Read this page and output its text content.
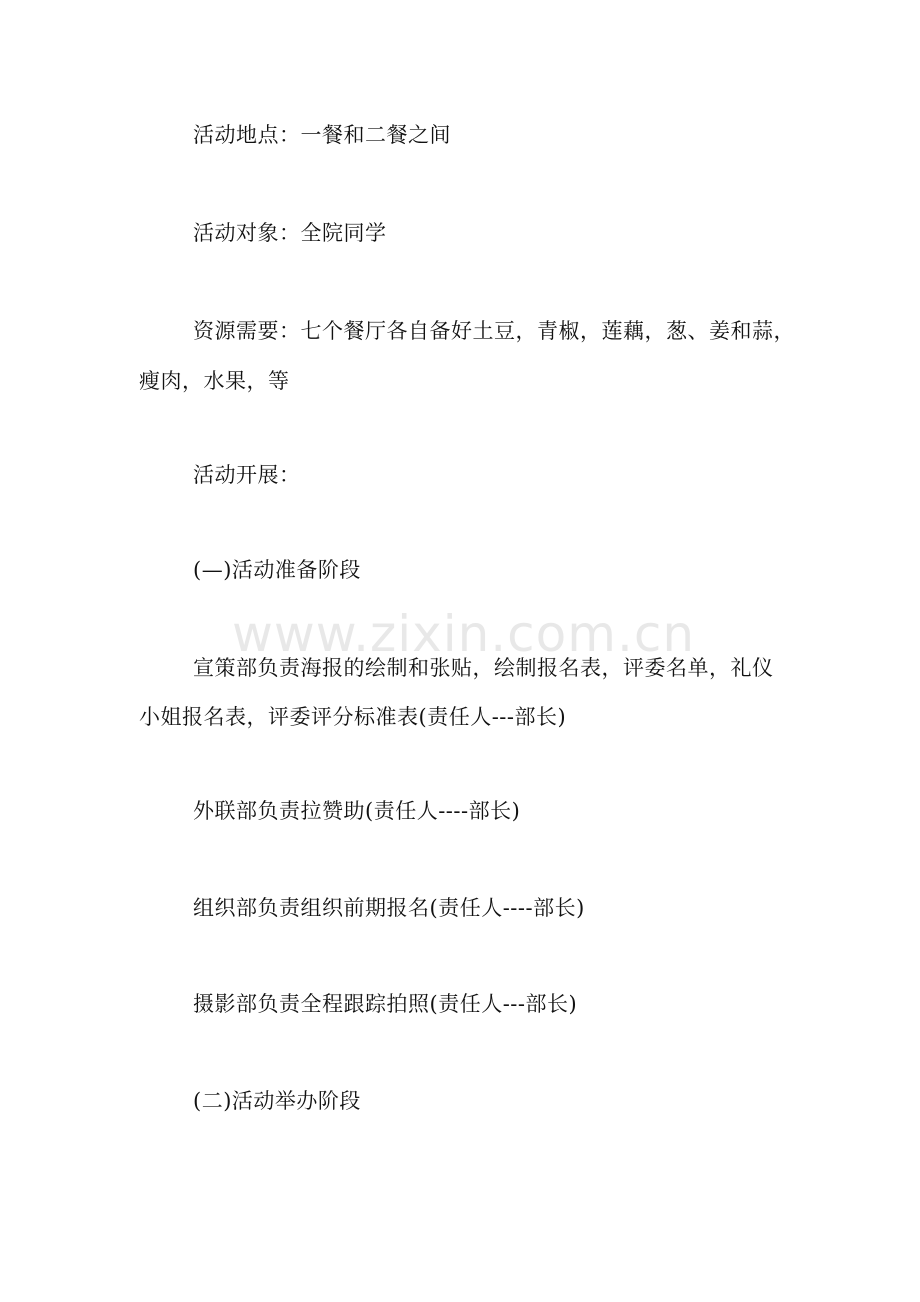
www.zixin.com.cn
活动地点：一餐和二餐之间
活动对象：全院同学
资源需要：七个餐厅各自备好土豆，青椒，莲藕，葱、姜和蒜，
瘦肉，水果，等
活动开展：
(—)活动准备阶段
宣策部负责海报的绘制和张贴，绘制报名表，评委名单，礼仪
小姐报名表，评委评分标准表(责任人---部长)
外联部负责拉赞助(责任人----部长)
组织部负责组织前期报名(责任人----部长)
摄影部负责全程跟踪拍照(责任人---部长)
(二)活动举办阶段
